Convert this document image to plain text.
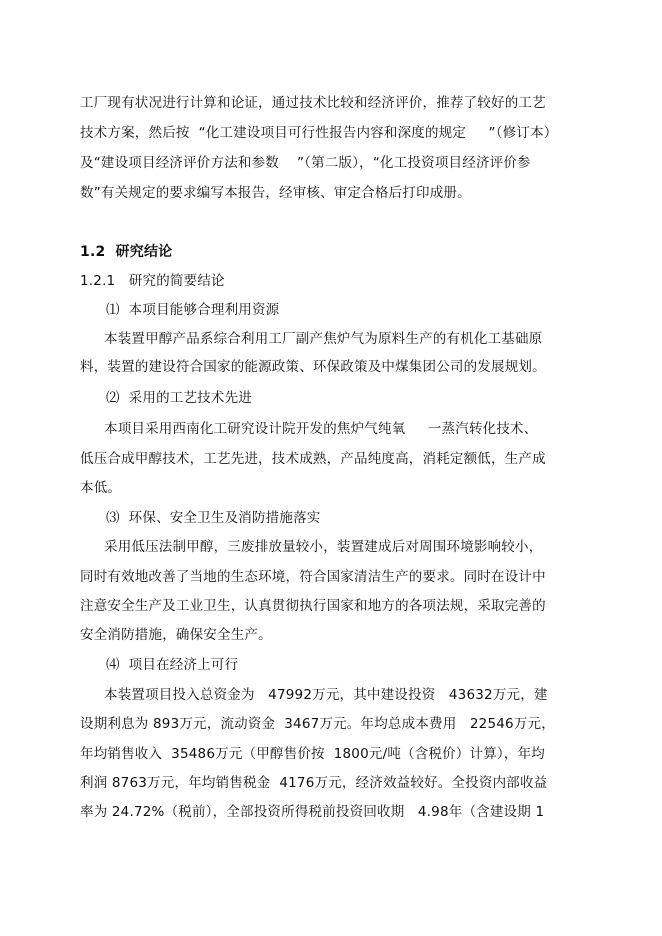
工厂现有状况进行计算和论证，通过技术比较和经济评价，推荐了较好的工艺
技术方案，然后按  “化工建设项目可行性报告内容和深度的规定     ”（修订本）
及“建设项目经济评价方法和参数    ”（第二版），“化工投资项目经济评价参
数”有关规定的要求编写本报告，经审核、审定合格后打印成册。
1.2  研究结论
1.2.1   研究的简要结论
⑴  本项目能够合理利用资源
本装置甲醇产品系综合利用工厂副产焦炉气为原料生产的有机化工基础原
料，装置的建设符合国家的能源政策、环保政策及中煤集团公司的发展规划。
⑵  采用的工艺技术先进
本项目采用西南化工研究设计院开发的焦炉气纯氧     一蒸汽转化技术、
低压合成甲醇技术，工艺先进，技术成熟，产品纯度高，消耗定额低，生产成
本低。
⑶  环保、安全卫生及消防措施落实
采用低压法制甲醇，三废排放量较小，装置建成后对周围环境影响较小，
同时有效地改善了当地的生态环境，符合国家清洁生产的要求。同时在设计中
注意安全生产及工业卫生，认真贯彻执行国家和地方的各项法规，采取完善的
安全消防措施，确保安全生产。
⑷  项目在经济上可行
本装置项目投入总资金为   47992万元，其中建设投资   43632万元，建
设期利息为 893万元，流动资金  3467万元。年均总成本费用   22546万元，
年均销售收入  35486万元（甲醇售价按  1800元/吨（含税价）计算），年均
利润 8763万元，年均销售税金  4176万元，经济效益较好。全投资内部收益
率为 24.72%（税前），全部投资所得税前投资回收期   4.98年（含建设期 1
